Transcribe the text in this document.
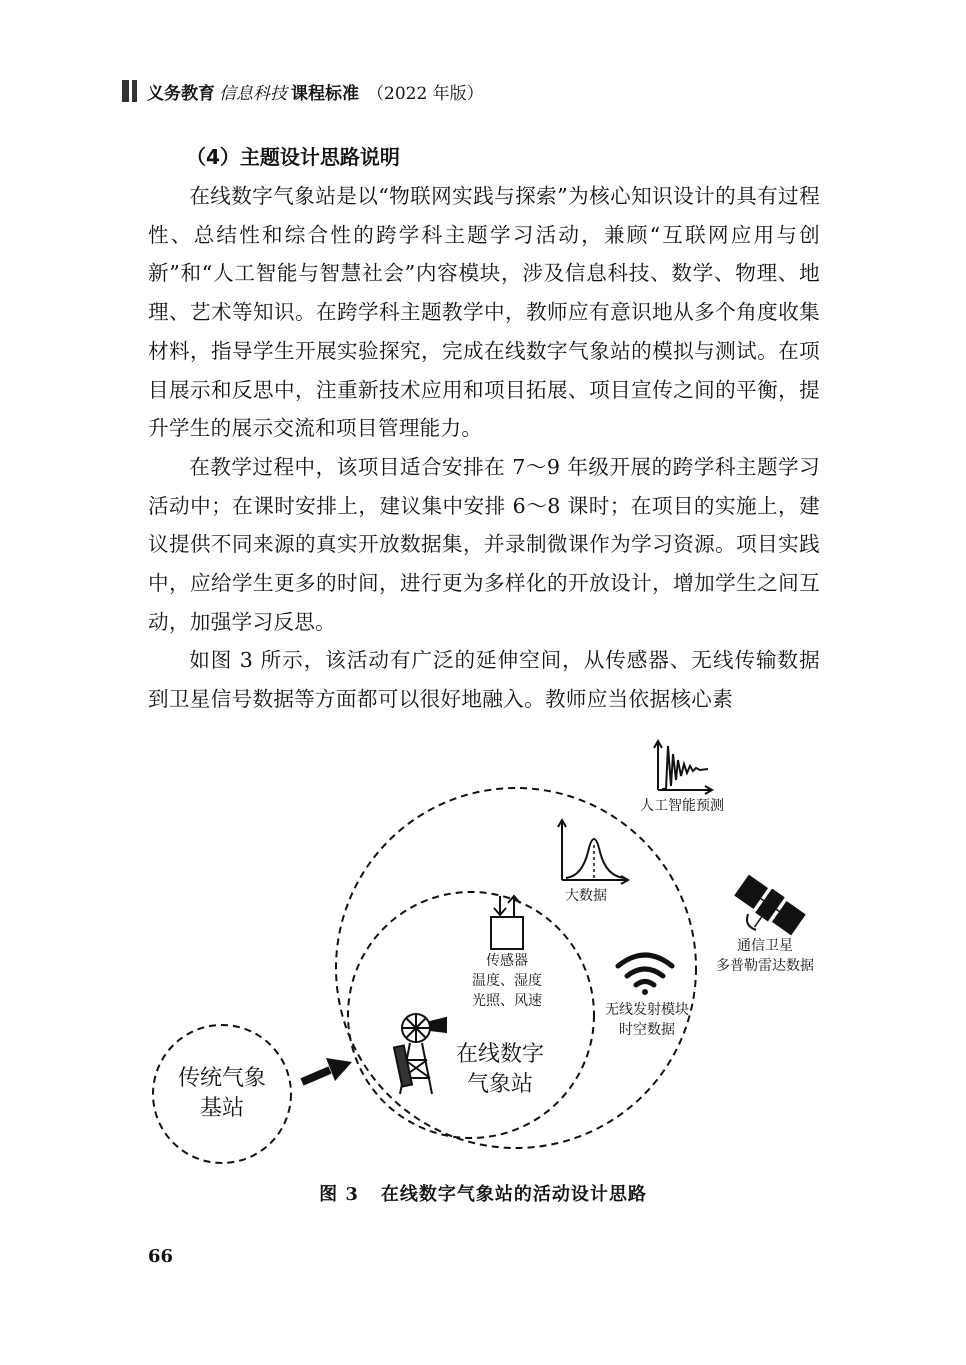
义务教育 信息科技 课程标准 （2022 年版）
（4）主题设计思路说明

在线数字气象站是以“物联网实践与探索”为核心知识设计的具有过程性、总结性和综合性的跨学科主题学习活动，兼顾“互联网应用与创新”和“人工智能与智慧社会”内容模块，涉及信息科技、数学、物理、地理、艺术等知识。在跨学科主题教学中，教师应有意识地从多个角度收集材料，指导学生开展实验探究，完成在线数字气象站的模拟与测试。在项目展示和反思中，注重新技术应用和项目拓展、项目宣传之间的平衡，提升学生的展示交流和项目管理能力。

在教学过程中，该项目适合安排在 7～9 年级开展的跨学科主题学习活动中；在课时安排上，建议集中安排 6～8 课时；在项目的实施上，建议提供不同来源的真实开放数据集，并录制微课作为学习资源。项目实践中，应给学生更多的时间，进行更为多样化的开放设计，增加学生之间互动，加强学习反思。

如图 3 所示，该活动有广泛的延伸空间，从传感器、无线传输数据到卫星信号数据等方面都可以很好地融入。教师应当依据核心素

传统气象
基站
在线数字
气象站
传感器
温度、湿度
光照、风速
无线发射模块
时空数据
大数据
人工智能预测
通信卫星
多普勒雷达数据
图 3 在线数字气象站的活动设计思路
66
